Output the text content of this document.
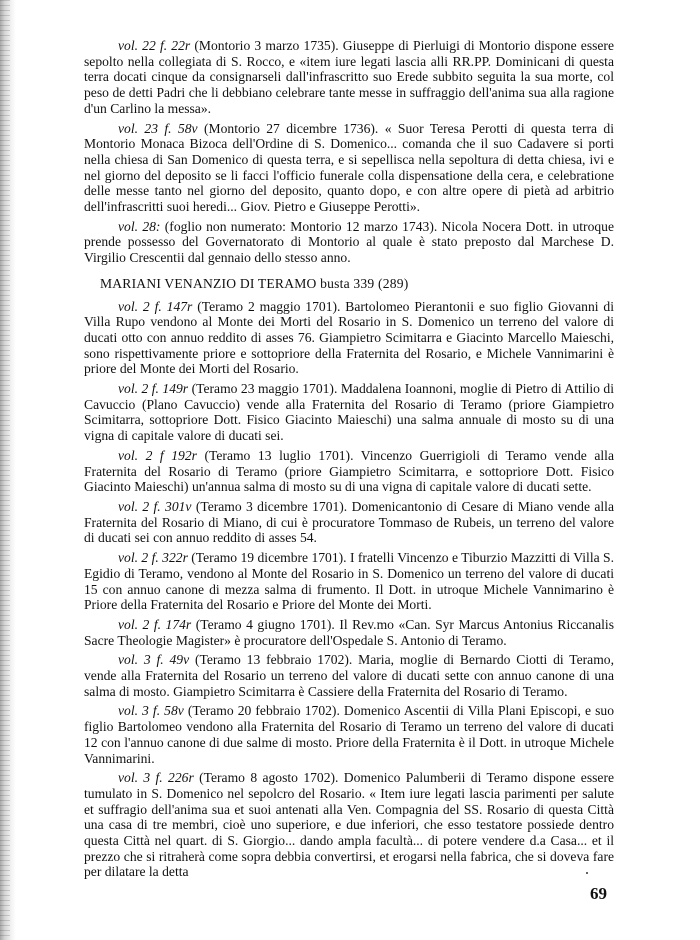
vol. 22 f. 22r (Montorio 3 marzo 1735). Giuseppe di Pierluigi di Montorio dispone essere sepolto nella collegiata di S. Rocco, e «item iure legati lascia alli RR.PP. Dominicani di questa terra docati cinque da consignarseli dall'infrascritto suo Erede subbito seguita la sua morte, col peso de detti Padri che li debbiano celebrare tante messe in suffraggio dell'anima sua alla ragione d'un Carlino la messa».

vol. 23 f. 58v (Montorio 27 dicembre 1736). « Suor Teresa Perotti di questa terra di Montorio Monaca Bizoca dell'Ordine di S. Domenico... comanda che il suo Cadavere si porti nella chiesa di San Domenico di questa terra, e si sepellisca nella sepoltura di detta chiesa, ivi e nel giorno del deposito se li facci l'officio funerale colla dispensatione della cera, e celebratione delle messe tanto nel giorno del deposito, quanto dopo, e con altre opere di pietà ad arbitrio dell'infrascritti suoi heredi... Giov. Pietro e Giuseppe Perotti».

vol. 28: (foglio non numerato: Montorio 12 marzo 1743). Nicola Nocera Dott. in utroque prende possesso del Governatorato di Montorio al quale è stato preposto dal Marchese D. Virgilio Crescentii dal gennaio dello stesso anno.

MARIANI VENANZIO DI TERAMO busta 339 (289)

vol. 2 f. 147r (Teramo 2 maggio 1701). Bartolomeo Pierantonii e suo figlio Giovanni di Villa Rupo vendono al Monte dei Morti del Rosario in S. Domenico un terreno del valore di ducati otto con annuo reddito di asses 76. Giampietro Scimitarra e Giacinto Marcello Maieschi, sono rispettivamente priore e sottopriore della Fraternita del Rosario, e Michele Vannimarini è priore del Monte dei Morti del Rosario.

vol. 2 f. 149r (Teramo 23 maggio 1701). Maddalena Ioannoni, moglie di Pietro di Attilio di Cavuccio (Plano Cavuccio) vende alla Fraternita del Rosario di Teramo (priore Giampietro Scimitarra, sottopriore Dott. Fisico Giacinto Maieschi) una salma annuale di mosto su di una vigna di capitale valore di ducati sei.

vol. 2 f 192r (Teramo 13 luglio 1701). Vincenzo Guerrigioli di Teramo vende alla Fraternita del Rosario di Teramo (priore Giampietro Scimitarra, e sottopriore Dott. Fisico Giacinto Maieschi) un'annua salma di mosto su di una vigna di capitale valore di ducati sette.

vol. 2 f. 301v (Teramo 3 dicembre 1701). Domenicantonio di Cesare di Miano vende alla Fraternita del Rosario di Miano, di cui è procuratore Tommaso de Rubeis, un terreno del valore di ducati sei con annuo reddito di asses 54.

vol. 2 f. 322r (Teramo 19 dicembre 1701). I fratelli Vincenzo e Tiburzio Mazzitti di Villa S. Egidio di Teramo, vendono al Monte del Rosario in S. Domenico un terreno del valore di ducati 15 con annuo canone di mezza salma di frumento. Il Dott. in utroque Michele Vannimarino è Priore della Fraternita del Rosario e Priore del Monte dei Morti.

vol. 2 f. 174r (Teramo 4 giugno 1701). Il Rev.mo «Can. Syr Marcus Antonius Riccanalis Sacre Theologie Magister» è procuratore dell'Ospedale S. Antonio di Teramo.

vol. 3 f. 49v (Teramo 13 febbraio 1702). Maria, moglie di Bernardo Ciotti di Teramo, vende alla Fraternita del Rosario un terreno del valore di ducati sette con annuo canone di una salma di mosto. Giampietro Scimitarra è Cassiere della Fraternita del Rosario di Teramo.

vol. 3 f. 58v (Teramo 20 febbraio 1702). Domenico Ascentii di Villa Plani Episcopi, e suo figlio Bartolomeo vendono alla Fraternita del Rosario di Teramo un terreno del valore di ducati 12 con l'annuo canone di due salme di mosto. Priore della Fraternita è il Dott. in utroque Michele Vannimarini.

vol. 3 f. 226r (Teramo 8 agosto 1702). Domenico Palumberii di Teramo dispone essere tumulato in S. Domenico nel sepolcro del Rosario. « Item iure legati lascia parimenti per salute et suffragio dell'anima sua et suoi antenati alla Ven. Compagnia del SS. Rosario di questa Città una casa di tre membri, cioè uno superiore, e due inferiori, che esso testatore possiede dentro questa Città nel quart. di S. Giorgio... dando ampla facultà... di potere vendere d.a Casa... et il prezzo che si ritraherà come sopra debbia convertirsi, et erogarsi nella fabrica, che si doveva fare per dilatare la detta

69
